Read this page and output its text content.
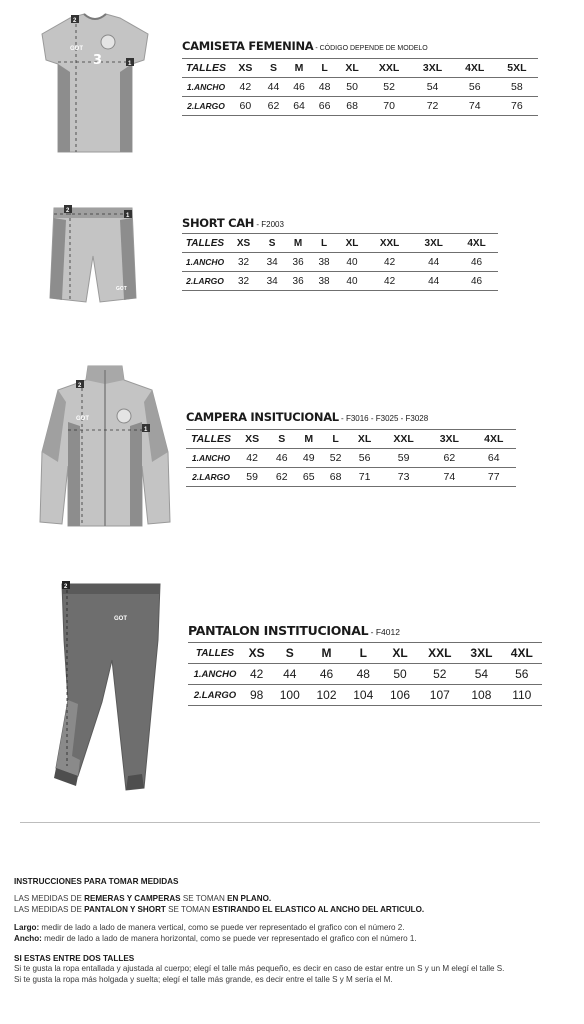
3
GOT
2
1
CAMISETA FEMENINA - CÓDIGO DEPENDE DE MODELO
TALLES	XS	S	M	L	XL	XXL	3XL	4XL	5XL
1.ANCHO	42	44	46	48	50	52	54	56	58
2.LARGO	60	62	64	66	68	70	72	74	76
GOT
2
1	SHORT CAH - F2003
TALLES	XS	S	M	L	XL	XXL	3XL	4XL
1.ANCHO	32	34	36	38	40	42	44	46
2.LARGO	32	34	36	38	40	42	44	46
GOT
2
1
CAMPERA INSITUCIONAL - F3016 - F3025 - F3028
TALLES	XS	S	M	L	XL	XXL	3XL	4XL
1.ANCHO	42	46	49	52	56	59	62	64
2.LARGO	59	62	65	68	71	73	74	77
GOT
2
PANTALON INSTITUCIONAL - F4012
TALLES	XS	S	M	L	XL	XXL	3XL	4XL
1.ANCHO	42	44	46	48	50	52	54	56
2.LARGO	98	100	102	104	106	107	108	110
INSTRUCCIONES PARA TOMAR MEDIDAS
LAS MEDIDAS DE REMERAS Y CAMPERAS SE TOMAN EN PLANO.
LAS MEDIDAS DE PANTALON Y SHORT SE TOMAN ESTIRANDO EL ELASTICO AL ANCHO DEL ARTICULO.
Largo: medir de lado a lado de manera vertical, como se puede ver representado el grafico con el número 2.
Ancho: medir de lado a lado de manera horizontal, como se puede ver representado el grafico con el número 1.
SI ESTAS ENTRE DOS TALLES
Si te gusta la ropa entallada y ajustada al cuerpo; elegí el talle más pequeño, es decir en caso de estar entre un S y un M elegí el talle S.
Si te gusta la ropa más holgada y suelta; elegí el talle más grande, es decir entre el talle S y M sería el M.
